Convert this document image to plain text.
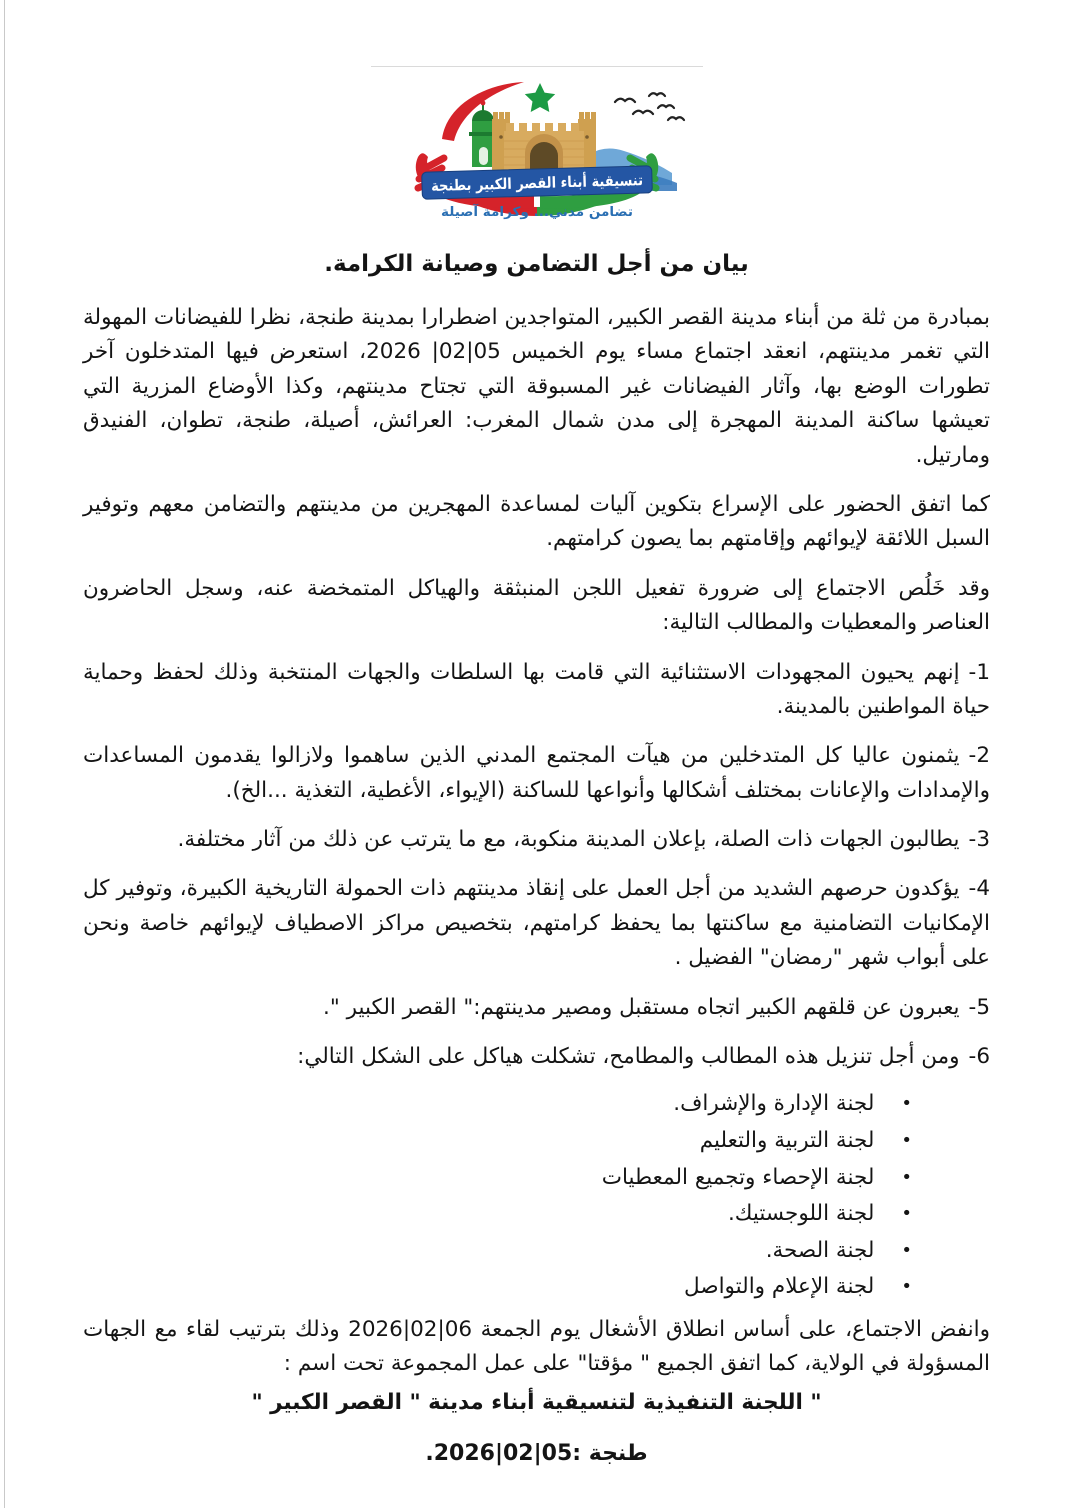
تنسيقية أبناء القصر الكبير بطنجة
تضامن مدني... وكرامة آصيلة
بيان من أجل التضامن وصيانة الكرامة.

بمبادرة من ثلة من أبناء مدينة القصر الكبير، المتواجدين اضطرارا بمدينة طنجة، نظرا للفيضانات المهولة التي تغمر مدينتهم، انعقد اجتماع مساء يوم الخميس 05|02| 2026، استعرض فيها المتدخلون آخر تطورات الوضع بها، وآثار الفيضانات غير المسبوقة التي تجتاح مدينتهم، وكذا الأوضاع المزرية التي تعيشها ساكنة المدينة المهجرة إلى مدن شمال المغرب: العرائش، أصيلة، طنجة، تطوان، الفنيدق ومارتيل.

كما اتفق الحضور على الإسراع بتكوين آليات لمساعدة المهجرين من مدينتهم والتضامن معهم وتوفير السبل اللائقة لإيوائهم وإقامتهم بما يصون كرامتهم.

وقد خَلُص الاجتماع إلى ضرورة تفعيل اللجن المنبثقة والهياكل المتمخضة عنه، وسجل الحاضرون العناصر والمعطيات والمطالب التالية:

1-إنهم يحيون المجهودات الاستثنائية التي قامت بها السلطات والجهات المنتخبة وذلك لحفظ وحماية حياة المواطنين بالمدينة.

2-يثمنون عاليا كل المتدخلين من هيآت المجتمع المدني الذين ساهموا ولازالوا يقدمون المساعدات والإمدادات والإعانات بمختلف أشكالها وأنواعها للساكنة (الإيواء، الأغطية، التغذية ...الخ).

3-يطالبون الجهات ذات الصلة، بإعلان المدينة منكوبة، مع ما يترتب عن ذلك من آثار مختلفة.

4-يؤكدون حرصهم الشديد من أجل العمل على إنقاذ مدينتهم ذات الحمولة التاريخية الكبيرة، وتوفير كل الإمكانيات التضامنية مع ساكنتها بما يحفظ كرامتهم، بتخصيص مراكز الاصطياف لإيوائهم خاصة ونحن على أبواب شهر "رمضان" الفضيل .

5-يعبرون عن قلقهم الكبير اتجاه مستقبل ومصير مدينتهم:" القصر الكبير ".

6-ومن أجل تنزيل هذه المطالب والمطامح، تشكلت هياكل على الشكل التالي:

•
لجنة الإدارة والإشراف.
•
لجنة التربية والتعليم
•
لجنة الإحصاء وتجميع المعطيات
•
لجنة اللوجستيك.
•
لجنة الصحة.
•
لجنة الإعلام والتواصل

وانفض الاجتماع، على أساس انطلاق الأشغال يوم الجمعة 06|02|2026 وذلك بترتيب لقاء مع الجهات المسؤولة في الولاية، كما اتفق الجميع " مؤقتا" على عمل المجموعة تحت اسم :

" اللجنة التنفيذية لتنسيقية أبناء مدينة " القصر الكبير "

طنجة :05|02|2026.
